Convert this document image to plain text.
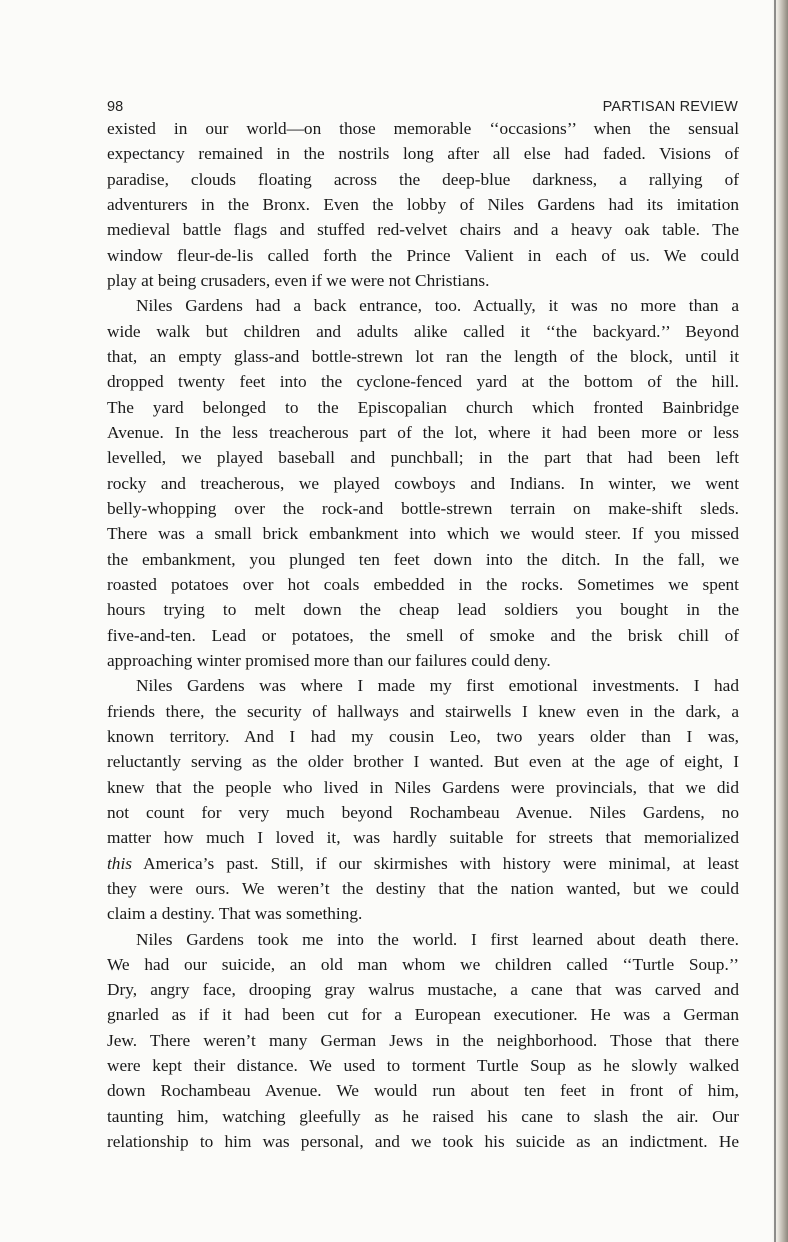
98	PARTISAN REVIEW
existed in our world—on those memorable ‘‘occasions’’ when the sensual
expectancy remained in the nostrils long after all else had faded. Visions of
paradise, clouds floating across the deep-blue darkness, a rallying of
adventurers in the Bronx. Even the lobby of Niles Gardens had its imitation
medieval battle flags and stuffed red-velvet chairs and a heavy oak table. The
window fleur-de-lis called forth the Prince Valient in each of us. We could
play at being crusaders, even if we were not Christians.
Niles Gardens had a back entrance, too. Actually, it was no more than a
wide walk but children and adults alike called it ‘‘the backyard.’’ Beyond
that, an empty glass-and bottle-strewn lot ran the length of the block, until it
dropped twenty feet into the cyclone-fenced yard at the bottom of the hill.
The yard belonged to the Episcopalian church which fronted Bainbridge
Avenue. In the less treacherous part of the lot, where it had been more or less
levelled, we played baseball and punchball; in the part that had been left
rocky and treacherous, we played cowboys and Indians. In winter, we went
belly-whopping over the rock-and bottle-strewn terrain on make-shift sleds.
There was a small brick embankment into which we would steer. If you missed
the embankment, you plunged ten feet down into the ditch. In the fall, we
roasted potatoes over hot coals embedded in the rocks. Sometimes we spent
hours trying to melt down the cheap lead soldiers you bought in the
five-and-ten. Lead or potatoes, the smell of smoke and the brisk chill of
approaching winter promised more than our failures could deny.
Niles Gardens was where I made my first emotional investments. I had
friends there, the security of hallways and stairwells I knew even in the dark, a
known territory. And I had my cousin Leo, two years older than I was,
reluctantly serving as the older brother I wanted. But even at the age of eight, I
knew that the people who lived in Niles Gardens were provincials, that we did
not count for very much beyond Rochambeau Avenue. Niles Gardens, no
matter how much I loved it, was hardly suitable for streets that memorialized
this America’s past. Still, if our skirmishes with history were minimal, at least
they were ours. We weren’t the destiny that the nation wanted, but we could
claim a destiny. That was something.
Niles Gardens took me into the world. I first learned about death there.
We had our suicide, an old man whom we children called ‘‘Turtle Soup.’’
Dry, angry face, drooping gray walrus mustache, a cane that was carved and
gnarled as if it had been cut for a European executioner. He was a German
Jew. There weren’t many German Jews in the neighborhood. Those that there
were kept their distance. We used to torment Turtle Soup as he slowly walked
down Rochambeau Avenue. We would run about ten feet in front of him,
taunting him, watching gleefully as he raised his cane to slash the air. Our
relationship to him was personal, and we took his suicide as an indictment. He
